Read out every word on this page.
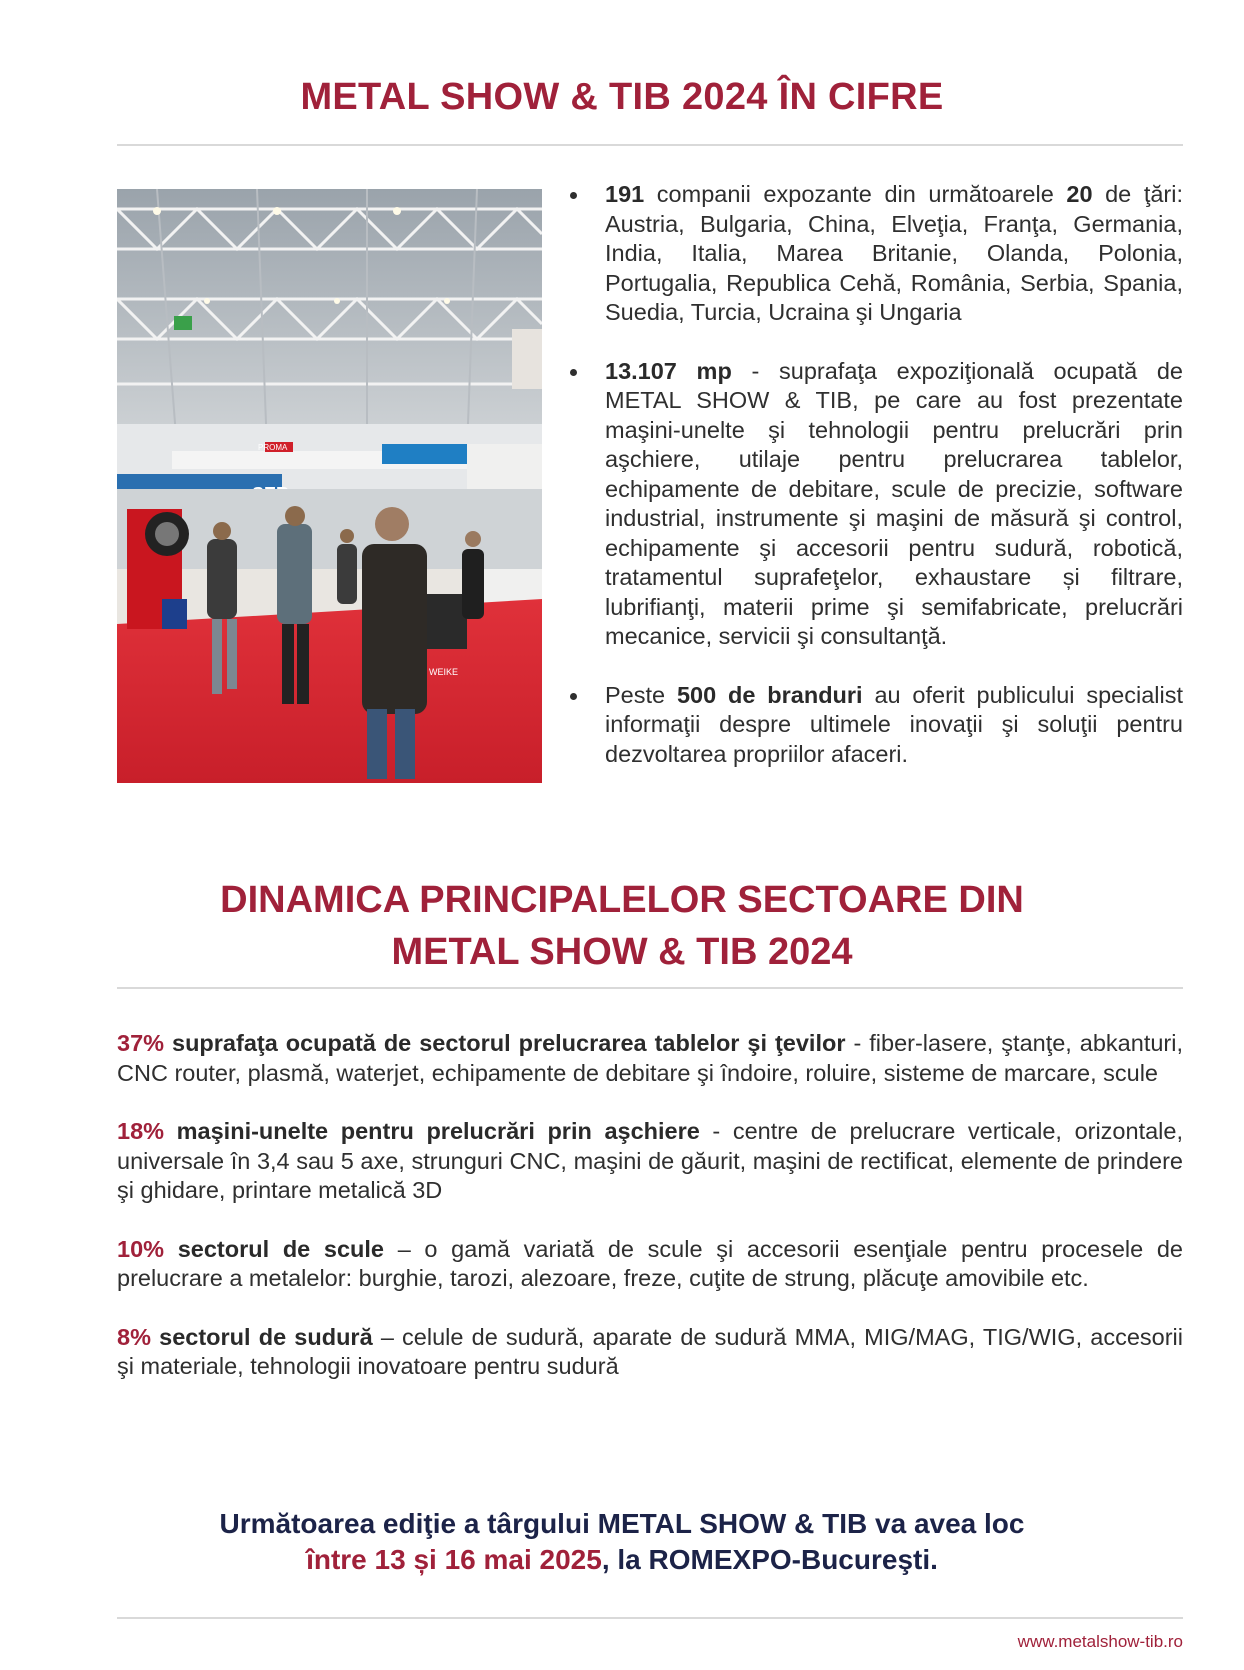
METAL SHOW & TIB 2024 ÎN CIFRE
WEIKE
PROMA
191 companii expozante din următoarele 20 de ţări: Austria, Bulgaria, China, Elveţia, Franţa, Germania, India, Italia, Marea Britanie, Olanda, Polonia, Portugalia, Republica Cehă, România, Serbia, Spania, Suedia, Turcia, Ucraina şi Ungaria
13.107 mp - suprafaţa expoziţională ocupată de METAL SHOW & TIB, pe care au fost prezentate maşini-unelte şi tehnologii pentru prelucrări prin aşchiere, utilaje pentru prelucrarea tablelor, echipamente de debitare, scule de precizie, software industrial, instrumente şi maşini de măsură şi control, echipamente şi accesorii pentru sudură, robotică, tratamentul suprafeţelor, exhaustare și filtrare, lubrifianţi, materii prime şi semifabricate, prelucrări mecanice, servicii şi consultanţă.
Peste 500 de branduri au oferit publicului specialist informaţii despre ultimele inovaţii şi soluţii pentru dezvoltarea propriilor afaceri.
DINAMICA PRINCIPALELOR SECTOARE DIN
METAL SHOW & TIB 2024

37% suprafaţa ocupată de sectorul prelucrarea tablelor şi ţevilor - fiber-lasere, ştanţe, abkanturi, CNC router, plasmă, waterjet, echipamente de debitare şi îndoire, roluire, sisteme de marcare, scule

18% maşini-unelte pentru prelucrări prin aşchiere - centre de prelucrare verticale, orizontale, universale în 3,4 sau 5 axe, strunguri CNC, maşini de găurit, maşini de rectificat, elemente de prindere şi ghidare, printare metalică 3D

10% sectorul de scule – o gamă variată de scule şi accesorii esenţiale pentru procesele de prelucrare a metalelor: burghie, tarozi, alezoare, freze, cuţite de strung, plăcuţe amovibile etc.

8% sectorul de sudură – celule de sudură, aparate de sudură MMA, MIG/MAG, TIG/WIG, accesorii şi materiale, tehnologii inovatoare pentru sudură

Următoarea ediţie a târgului METAL SHOW & TIB va avea loc
între 13 și 16 mai 2025, la ROMEXPO-Bucureşti.
www.metalshow-tib.ro
